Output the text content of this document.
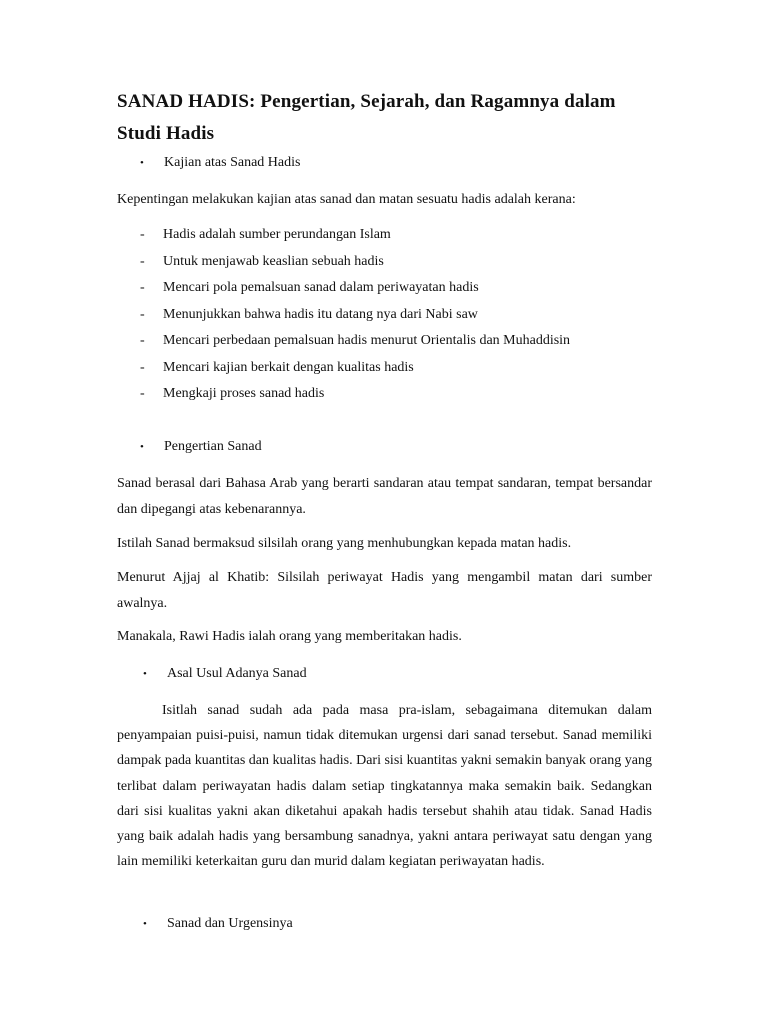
SANAD HADIS: Pengertian, Sejarah, dan Ragamnya dalam Studi Hadis
• Kajian atas Sanad Hadis
Kepentingan melakukan kajian atas sanad dan matan sesuatu hadis adalah kerana:
- Hadis adalah sumber perundangan Islam
- Untuk menjawab keaslian sebuah hadis
- Mencari pola pemalsuan sanad dalam periwayatan hadis
- Menunjukkan bahwa hadis itu datang nya dari Nabi saw
- Mencari perbedaan pemalsuan hadis menurut Orientalis dan Muhaddisin
- Mencari kajian berkait dengan kualitas hadis
- Mengkaji proses sanad hadis
• Pengertian Sanad
Sanad berasal dari Bahasa Arab yang berarti sandaran atau tempat sandaran, tempat bersandar dan dipegangi atas kebenarannya.
Istilah Sanad bermaksud silsilah orang yang menhubungkan kepada matan hadis.
Menurut Ajjaj al Khatib: Silsilah periwayat Hadis yang mengambil matan dari sumber awalnya.
Manakala, Rawi Hadis ialah orang yang memberitakan hadis.
• Asal Usul Adanya Sanad
Isitlah sanad sudah ada pada masa pra-islam, sebagaimana ditemukan dalam penyampaian puisi-puisi, namun tidak ditemukan urgensi dari sanad tersebut. Sanad memiliki dampak pada kuantitas dan kualitas hadis. Dari sisi kuantitas yakni semakin banyak orang yang terlibat dalam periwayatan hadis dalam setiap tingkatannya maka semakin baik. Sedangkan dari sisi kualitas yakni akan diketahui apakah hadis tersebut shahih atau tidak. Sanad Hadis yang baik adalah hadis yang bersambung sanadnya, yakni antara periwayat satu dengan yang lain memiliki keterkaitan guru dan murid dalam kegiatan periwayatan hadis.
• Sanad dan Urgensinya
